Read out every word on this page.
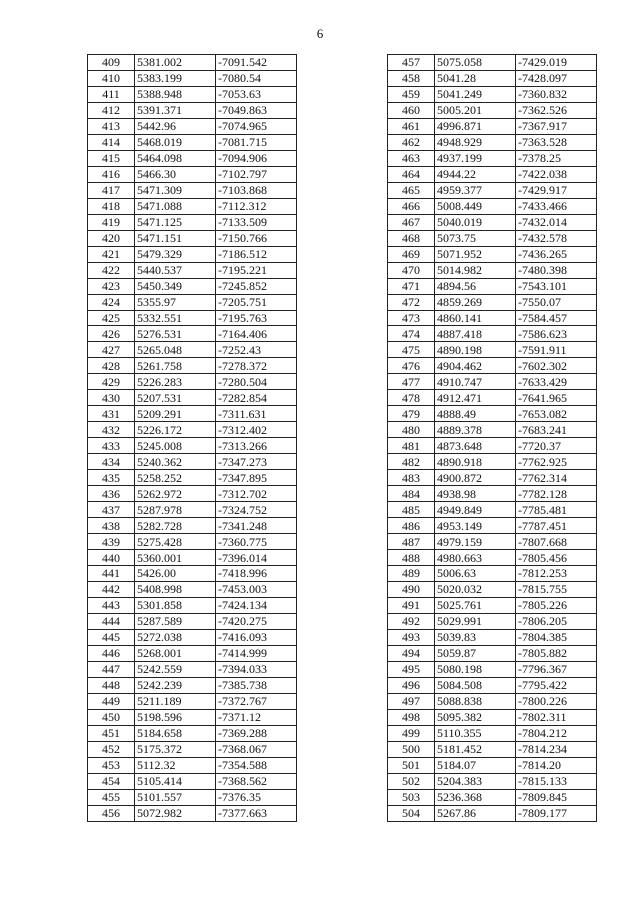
6
409	5381.002	-7091.542
410	5383.199	-7080.54
411	5388.948	-7053.63
412	5391.371	-7049.863
413	5442.96	-7074.965
414	5468.019	-7081.715
415	5464.098	-7094.906
416	5466.30	-7102.797
417	5471.309	-7103.868
418	5471.088	-7112.312
419	5471.125	-7133.509
420	5471.151	-7150.766
421	5479.329	-7186.512
422	5440.537	-7195.221
423	5450.349	-7245.852
424	5355.97	-7205.751
425	5332.551	-7195.763
426	5276.531	-7164.406
427	5265.048	-7252.43
428	5261.758	-7278.372
429	5226.283	-7280.504
430	5207.531	-7282.854
431	5209.291	-7311.631
432	5226.172	-7312.402
433	5245.008	-7313.266
434	5240.362	-7347.273
435	5258.252	-7347.895
436	5262.972	-7312.702
437	5287.978	-7324.752
438	5282.728	-7341.248
439	5275.428	-7360.775
440	5360.001	-7396.014
441	5426.00	-7418.996
442	5408.998	-7453.003
443	5301.858	-7424.134
444	5287.589	-7420.275
445	5272.038	-7416.093
446	5268.001	-7414.999
447	5242.559	-7394.033
448	5242.239	-7385.738
449	5211.189	-7372.767
450	5198.596	-7371.12
451	5184.658	-7369.288
452	5175.372	-7368.067
453	5112.32	-7354.588
454	5105.414	-7368.562
455	5101.557	-7376.35
456	5072.982	-7377.663
457	5075.058	-7429.019
458	5041.28	-7428.097
459	5041.249	-7360.832
460	5005.201	-7362.526
461	4996.871	-7367.917
462	4948.929	-7363.528
463	4937.199	-7378.25
464	4944.22	-7422.038
465	4959.377	-7429.917
466	5008.449	-7433.466
467	5040.019	-7432.014
468	5073.75	-7432.578
469	5071.952	-7436.265
470	5014.982	-7480.398
471	4894.56	-7543.101
472	4859.269	-7550.07
473	4860.141	-7584.457
474	4887.418	-7586.623
475	4890.198	-7591.911
476	4904.462	-7602.302
477	4910.747	-7633.429
478	4912.471	-7641.965
479	4888.49	-7653.082
480	4889.378	-7683.241
481	4873.648	-7720.37
482	4890.918	-7762.925
483	4900.872	-7762.314
484	4938.98	-7782.128
485	4949.849	-7785.481
486	4953.149	-7787.451
487	4979.159	-7807.668
488	4980.663	-7805.456
489	5006.63	-7812.253
490	5020.032	-7815.755
491	5025.761	-7805.226
492	5029.991	-7806.205
493	5039.83	-7804.385
494	5059.87	-7805.882
495	5080.198	-7796.367
496	5084.508	-7795.422
497	5088.838	-7800.226
498	5095.382	-7802.311
499	5110.355	-7804.212
500	5181.452	-7814.234
501	5184.07	-7814.20
502	5204.383	-7815.133
503	5236.368	-7809.845
504	5267.86	-7809.177
